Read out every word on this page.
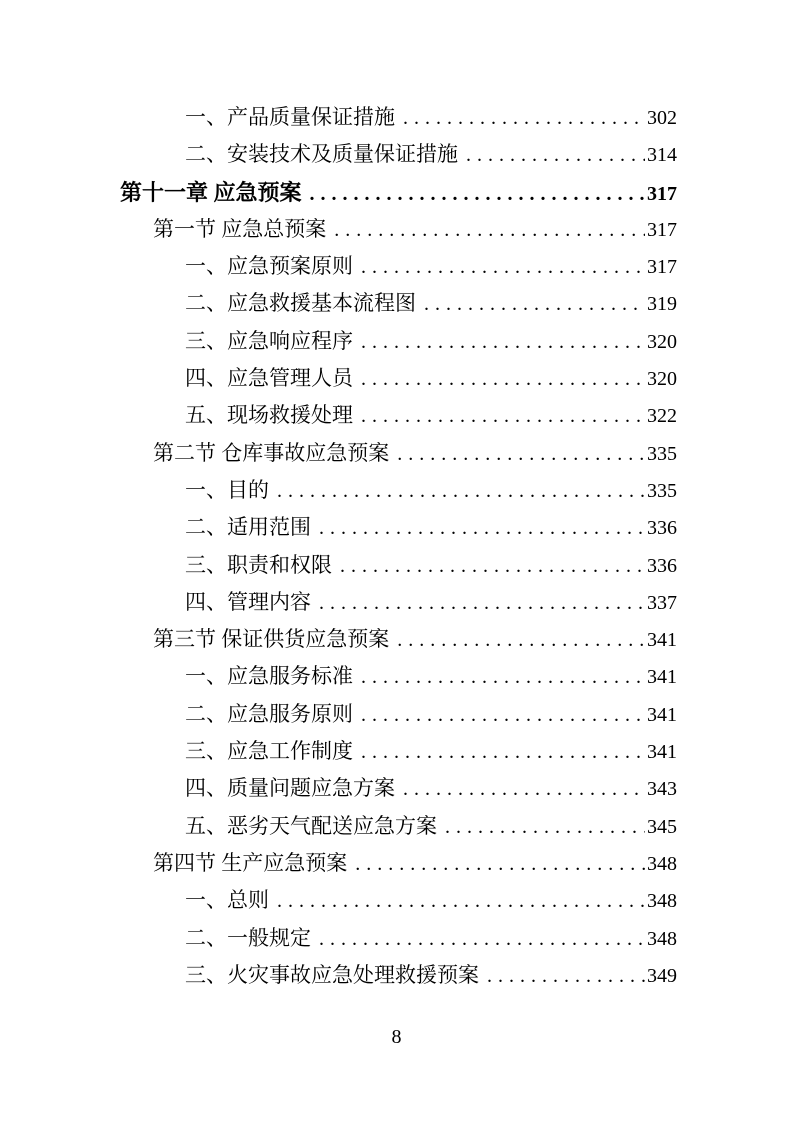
一、产品质量保证措施 .....	302
二、安装技术及质量保证措施 .....	314
第十一章 应急预案 .....	317
第一节 应急总预案 .....	317
一、应急预案原则 .....	317
二、应急救援基本流程图 .....	319
三、应急响应程序 .....	320
四、应急管理人员 .....	320
五、现场救援处理 .....	322
第二节 仓库事故应急预案 .....	335
一、目的 .....	335
二、适用范围 .....	336
三、职责和权限 .....	336
四、管理内容 .....	337
第三节 保证供货应急预案 .....	341
一、应急服务标准 .....	341
二、应急服务原则 .....	341
三、应急工作制度 .....	341
四、质量问题应急方案 .....	343
五、恶劣天气配送应急方案 .....	345
第四节 生产应急预案 .....	348
一、总则 .....	348
二、一般规定 .....	348
三、火灾事故应急处理救援预案 .....	349
8
